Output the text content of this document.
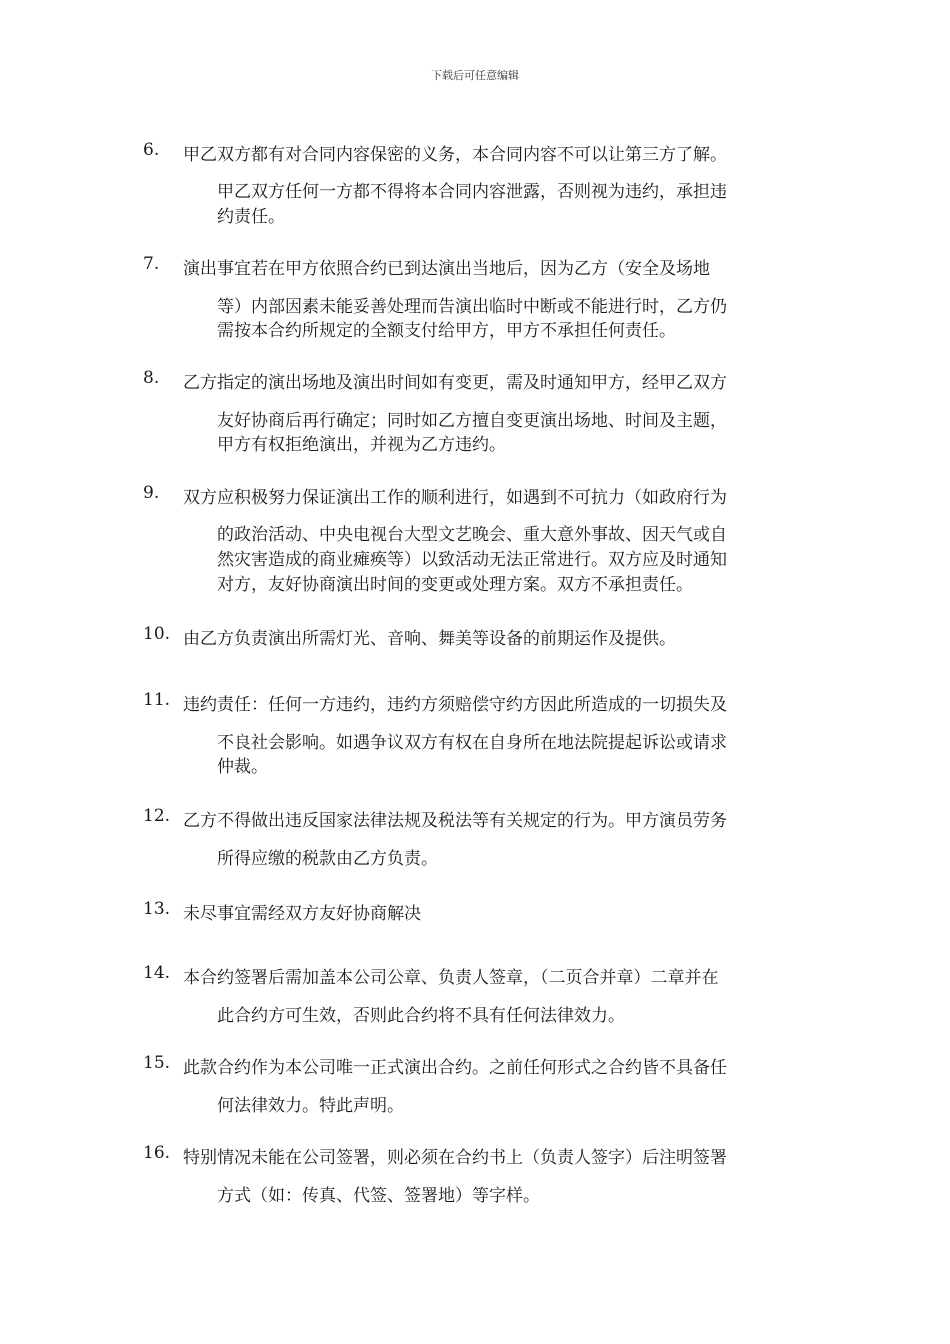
下载后可任意编辑
6. 甲乙双方都有对合同内容保密的义务，本合同内容不可以让第三方了解。
甲乙双方任何一方都不得将本合同内容泄露，否则视为违约，承担违
约责任。
7. 演出事宜若在甲方依照合约已到达演出当地后，因为乙方（安全及场地
等）内部因素未能妥善处理而告演出临时中断或不能进行时，乙方仍
需按本合约所规定的全额支付给甲方，甲方不承担任何责任。
8. 乙方指定的演出场地及演出时间如有变更，需及时通知甲方，经甲乙双方
友好协商后再行确定；同时如乙方擅自变更演出场地、时间及主题，
甲方有权拒绝演出，并视为乙方违约。
9. 双方应积极努力保证演出工作的顺利进行，如遇到不可抗力（如政府行为
的政治活动、中央电视台大型文艺晚会、重大意外事故、因天气或自
然灾害造成的商业瘫痪等）以致活动无法正常进行。双方应及时通知
对方，友好协商演出时间的变更或处理方案。双方不承担责任。
10. 由乙方负责演出所需灯光、音响、舞美等设备的前期运作及提供。
11. 违约责任：任何一方违约，违约方须赔偿守约方因此所造成的一切损失及
不良社会影响。如遇争议双方有权在自身所在地法院提起诉讼或请求
仲裁。
12. 乙方不得做出违反国家法律法规及税法等有关规定的行为。甲方演员劳务
所得应缴的税款由乙方负责。
13. 未尽事宜需经双方友好协商解决
14. 本合约签署后需加盖本公司公章、负责人签章，（二页合并章）二章并在
此合约方可生效，否则此合约将不具有任何法律效力。
15. 此款合约作为本公司唯一正式演出合约。之前任何形式之合约皆不具备任
何法律效力。特此声明。
16. 特别情况未能在公司签署，则必须在合约书上（负责人签字）后注明签署
方式（如：传真、代签、签署地）等字样。
